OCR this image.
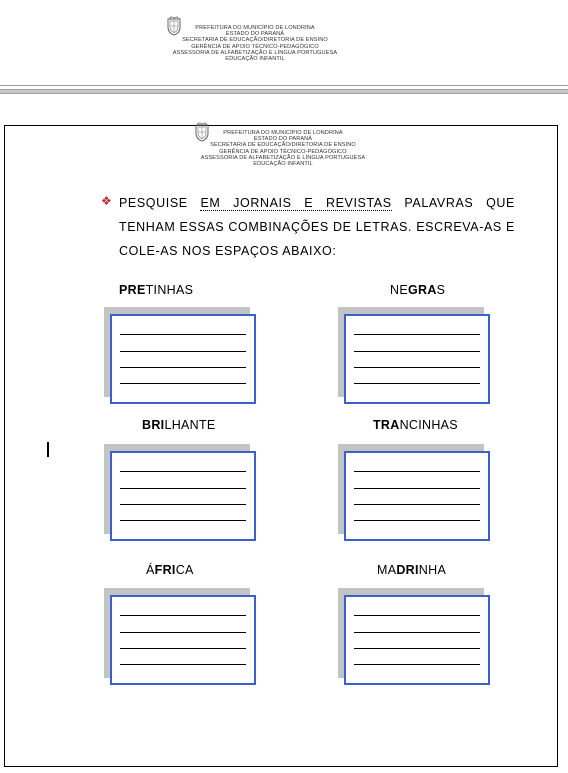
PREFEITURA DO MUNICÍPIO DE LONDRINA
ESTADO DO PARANÁ
SECRETARIA DE EDUCAÇÃO/DIRETORIA DE ENSINO
GERÊNCIA DE APOIO TÉCNICO-PEDAGÓGICO
ASSESSORIA DE ALFABETIZAÇÃO E LÍNGUA PORTUGUESA
EDUCAÇÃO INFANTIL
PREFEITURA DO MUNICÍPIO DE LONDRINA
ESTADO DO PARANÁ
SECRETARIA DE EDUCAÇÃO/DIRETORIA DE ENSINO
GERÊNCIA DE APOIO TÉCNICO-PEDAGÓGICO
ASSESSORIA DE ALFABETIZAÇÃO E LÍNGUA PORTUGUESA
EDUCAÇÃO INFANTIL
❖ PESQUISE EM JORNAIS E REVISTAS PALAVRAS QUE TENHAM ESSAS COMBINAÇÕES DE LETRAS. ESCREVA-AS E COLE-AS NOS ESPAÇOS ABAIXO:
PRETINHAS	NEGRAS
BRILHANTE	TRANCINHAS
ÁFRICA	MADRINHA
